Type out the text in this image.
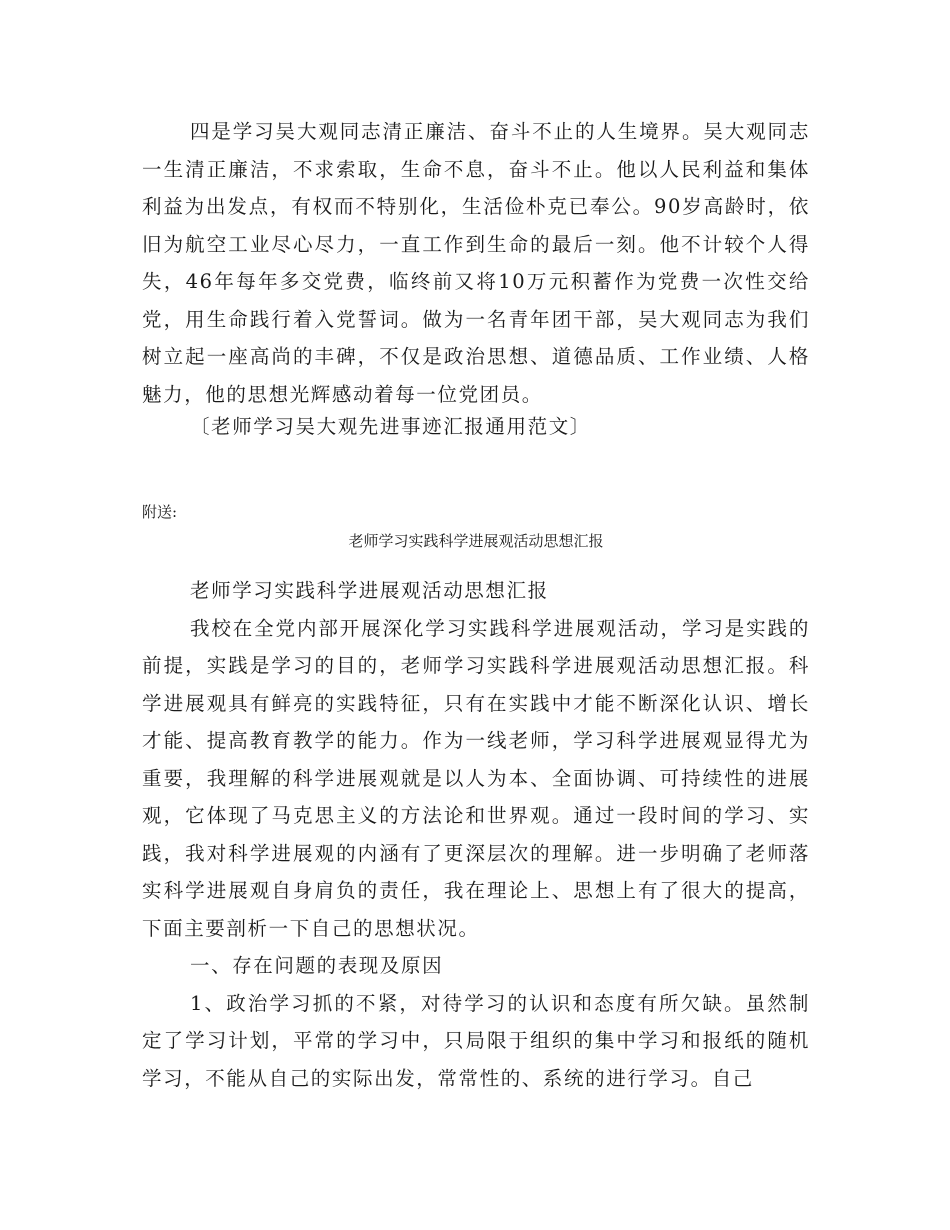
四是学习吴大观同志清正廉洁、奋斗不止的人生境界。吴大观同志一生清正廉洁，不求索取，生命不息，奋斗不止。他以人民利益和集体利益为出发点，有权而不特别化，生活俭朴克已奉公。90岁高龄时，依旧为航空工业尽心尽力，一直工作到生命的最后一刻。他不计较个人得失，46年每年多交党费，临终前又将10万元积蓄作为党费一次性交给党，用生命践行着入党誓词。做为一名青年团干部，吴大观同志为我们树立起一座高尚的丰碑，不仅是政治思想、道德品质、工作业绩、人格魅力，他的思想光辉感动着每一位党团员。

〔老师学习吴大观先进事迹汇报通用范文〕

附送:

老师学习实践科学进展观活动思想汇报

老师学习实践科学进展观活动思想汇报

我校在全党内部开展深化学习实践科学进展观活动，学习是实践的前提，实践是学习的目的，老师学习实践科学进展观活动思想汇报。科学进展观具有鲜亮的实践特征，只有在实践中才能不断深化认识、增长才能、提高教育教学的能力。作为一线老师，学习科学进展观显得尤为重要，我理解的科学进展观就是以人为本、全面协调、可持续性的进展观，它体现了马克思主义的方法论和世界观。通过一段时间的学习、实践，我对科学进展观的内涵有了更深层次的理解。进一步明确了老师落实科学进展观自身肩负的责任，我在理论上、思想上有了很大的提高，下面主要剖析一下自己的思想状况。

一、存在问题的表现及原因

1、政治学习抓的不紧，对待学习的认识和态度有所欠缺。虽然制定了学习计划，平常的学习中，只局限于组织的集中学习和报纸的随机学习，不能从自己的实际出发，常常性的、系统的进行学习。自己
